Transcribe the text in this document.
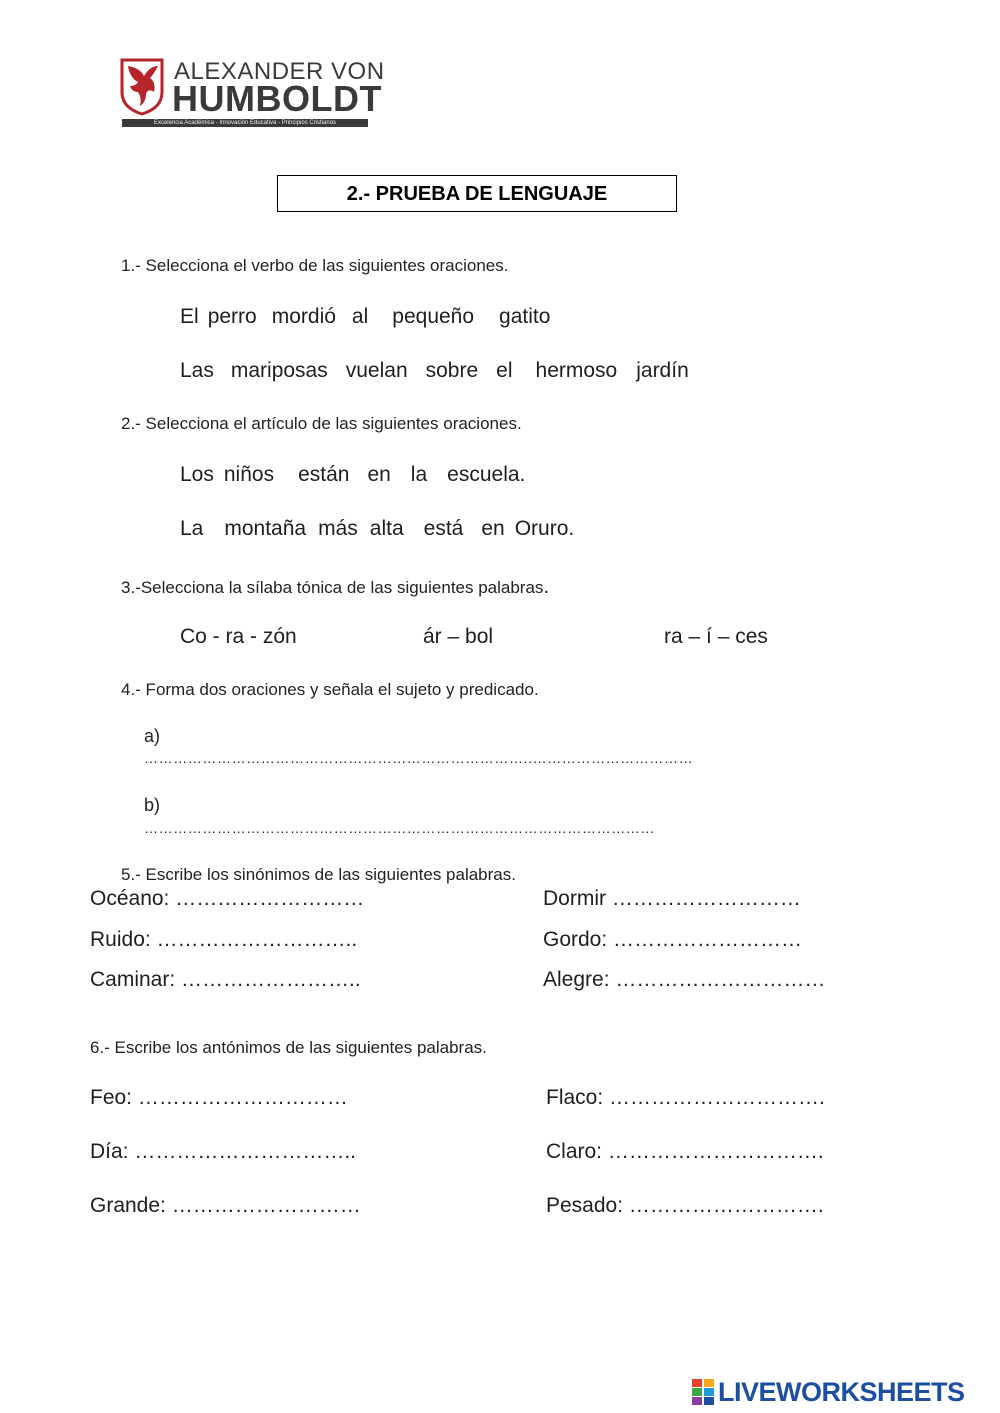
ALEXANDER VON
HUMBOLDT
Excelencia Académica - Innovación Educativa - Principios Cristianos
2.- PRUEBA DE LENGUAJE
1.- Selecciona el verbo de las siguientes oraciones.
El perro mordió al pequeño gatito
Las mariposas vuelan sobre el hermoso jardín
2.- Selecciona el artículo de las siguientes oraciones.
Los niños están en la escuela.
La montaña más alta está en Oruro.
3.-Selecciona la sílaba tónica de las siguientes palabras.
Co - ra - zón	ár – bol	ra – í – ces
4.- Forma dos oraciones y señala el sujeto y predicado.
a)
……………………………………………………………………..……………………………
b)
……………………………………………………………………………………………
5.- Escribe los sinónimos de las siguientes palabras.
Océano: ………………………	Dormir ………………………
Ruido: ………………………..	Gordo: ………………………
Caminar: ……………………..	Alegre: …………………………
6.- Escribe los antónimos de las siguientes palabras.
Feo: …………………………	Flaco: ………………………….
Día: …………………………..	Claro: ………………………….
Grande: ………………………	Pesado: ……………………….
LIVEWORKSHEETS
